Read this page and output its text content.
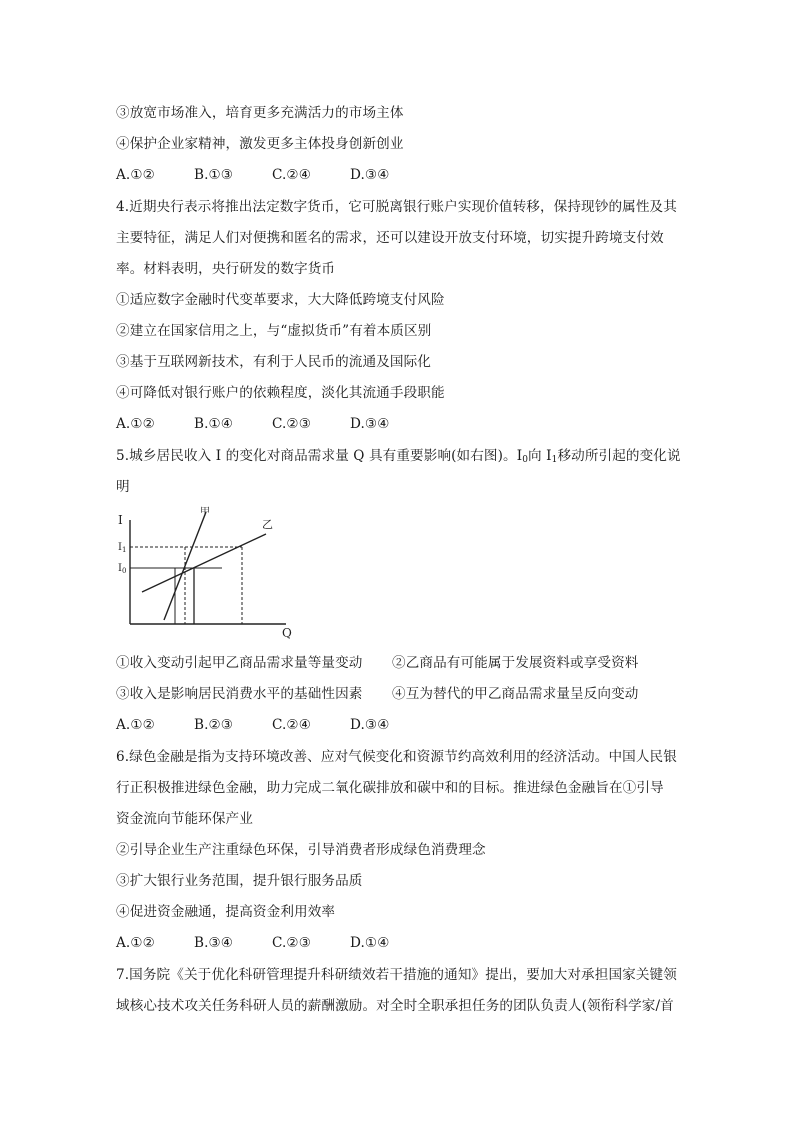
③放宽市场准入，培育更多充满活力的市场主体
④保护企业家精神，激发更多主体投身创新创业
A.①②	B.①③	C.②④	D.③④
4.近期央行表示将推出法定数字货币，它可脱离银行账户实现价值转移，保持现钞的属性及其
主要特征，满足人们对便携和匿名的需求，还可以建设开放支付环境，切实提升跨境支付效
率。材料表明，央行研发的数字货币
①适应数字金融时代变革要求，大大降低跨境支付风险
②建立在国家信用之上，与“虚拟货币”有着本质区别
③基于互联网新技术，有利于人民币的流通及国际化
④可降低对银行账户的依赖程度，淡化其流通手段职能
A.①②	B.①④	C.②③	D.③④
5.城乡居民收入 I 的变化对商品需求量 Q 具有重要影响(如右图)。$I_0$向 $I_1$移动所引起的变化说
明
I
Q
甲
乙
$I_1$
$I_0$
①收入变动引起甲乙商品需求量等量变动	②乙商品有可能属于发展资料或享受资料
③收入是影响居民消费水平的基础性因素	④互为替代的甲乙商品需求量呈反向变动
A.①②	B.②③	C.②④	D.③④
6.绿色金融是指为支持环境改善、应对气候变化和资源节约高效利用的经济活动。中国人民银
行正积极推进绿色金融，助力完成二氧化碳排放和碳中和的目标。推进绿色金融旨在①引导
资金流向节能环保产业
②引导企业生产注重绿色环保，引导消费者形成绿色消费理念
③扩大银行业务范围，提升银行服务品质
④促进资金融通，提高资金利用效率
A.①②	B.③④	C.②③	D.①④
7.国务院《关于优化科研管理提升科研绩效若干措施的通知》提出，要加大对承担国家关键领
域核心技术攻关任务科研人员的薪酬激励。对全时全职承担任务的团队负责人(领衔科学家/首
